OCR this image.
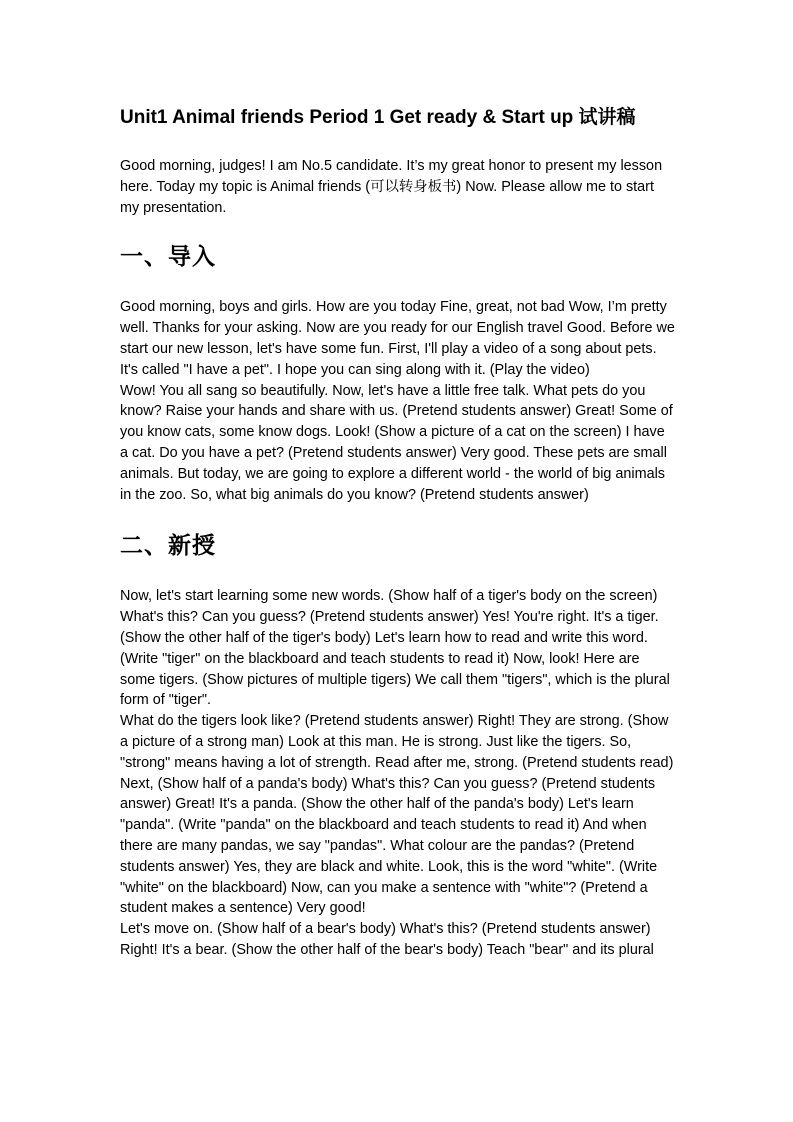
Unit1 Animal friends Period 1 Get ready & Start up 试讲稿

Good morning, judges! I am No.5 candidate. It’s my great honor to present my lesson here. Today my topic is Animal friends (可以转身板书) Now. Please allow me to start my presentation.

一、导入

Good morning, boys and girls. How are you today Fine, great, not bad Wow, I’m pretty well. Thanks for your asking. Now are you ready for our English travel Good. Before we start our new lesson, let's have some fun. First, I'll play a video of a song about pets. It's called "I have a pet". I hope you can sing along with it. (Play the video)

Wow! You all sang so beautifully. Now, let's have a little free talk. What pets do you know? Raise your hands and share with us. (Pretend students answer) Great! Some of you know cats, some know dogs. Look! (Show a picture of a cat on the screen) I have a cat. Do you have a pet? (Pretend students answer) Very good. These pets are small animals. But today, we are going to explore a different world - the world of big animals in the zoo. So, what big animals do you know? (Pretend students answer)

二、新授

Now, let's start learning some new words. (Show half of a tiger's body on the screen) What's this? Can you guess? (Pretend students answer) Yes! You're right. It's a tiger. (Show the other half of the tiger's body) Let's learn how to read and write this word. (Write "tiger" on the blackboard and teach students to read it) Now, look! Here are some tigers. (Show pictures of multiple tigers) We call them "tigers", which is the plural form of "tiger".

What do the tigers look like? (Pretend students answer) Right! They are strong. (Show a picture of a strong man) Look at this man. He is strong. Just like the tigers. So, "strong" means having a lot of strength. Read after me, strong. (Pretend students read)

Next, (Show half of a panda's body) What's this? Can you guess? (Pretend students answer) Great! It's a panda. (Show the other half of the panda's body) Let's learn "panda". (Write "panda" on the blackboard and teach students to read it) And when there are many pandas, we say "pandas". What colour are the pandas? (Pretend students answer) Yes, they are black and white. Look, this is the word "white". (Write "white" on the blackboard) Now, can you make a sentence with "white"? (Pretend a student makes a sentence) Very good!

Let's move on. (Show half of a bear's body) What's this? (Pretend students answer) Right! It's a bear. (Show the other half of the bear's body) Teach "bear" and its plural
